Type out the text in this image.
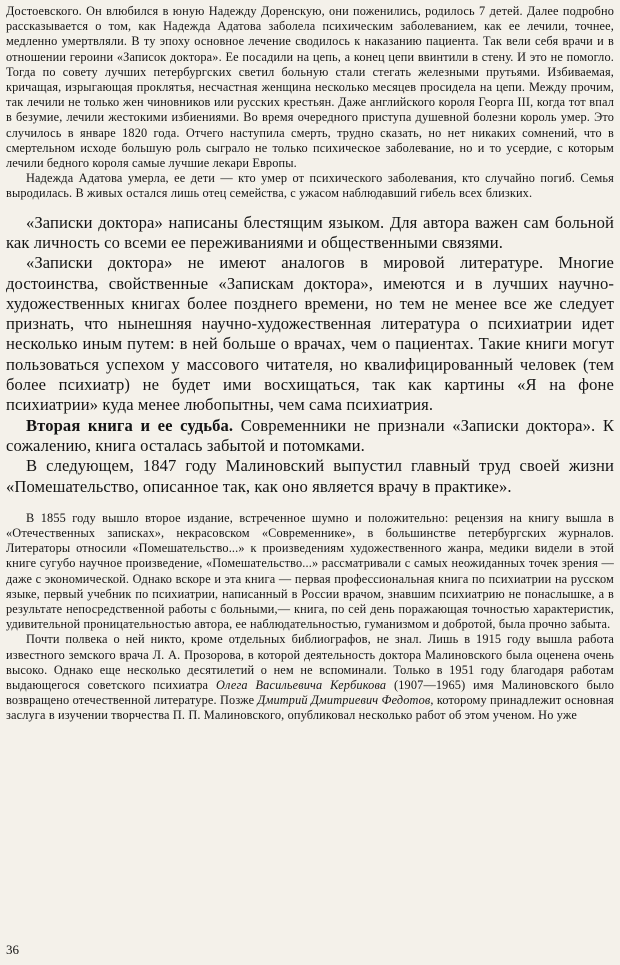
Достоевского. Он влюбился в юную Надежду Доренскую, они поженились, родилось 7 детей. Далее подробно рассказывается о том, как Надежда Адатова заболела психическим заболеванием, как ее лечили, точнее, медленно умертвляли. В ту эпоху основное лечение сводилось к наказанию пациента. Так вели себя врачи и в отношении героини «Записок доктора». Ее посадили на цепь, а конец цепи ввинтили в стену. И это не помогло. Тогда по совету лучших петербургских светил больную стали стегать железными прутьями. Избиваемая, кричащая, изрыгающая проклятья, несчастная женщина несколько месяцев просидела на цепи. Между прочим, так лечили не только жен чиновников или русских крестьян. Даже английского короля Георга III, когда тот впал в безумие, лечили жестокими избиениями. Во время очередного приступа душевной болезни король умер. Это случилось в январе 1820 года. Отчего наступила смерть, трудно сказать, но нет никаких сомнений, что в смертельном исходе большую роль сыграло не только психическое заболевание, но и то усердие, с которым лечили бедного короля самые лучшие лекари Европы.

Надежда Адатова умерла, ее дети — кто умер от психического заболевания, кто случайно погиб. Семья выродилась. В живых остался лишь отец семейства, с ужасом наблюдавший гибель всех близких.

«Записки доктора» написаны блестящим языком. Для автора важен сам больной как личность со всеми ее переживаниями и общественными связями.

«Записки доктора» не имеют аналогов в мировой литературе. Многие достоинства, свойственные «Запискам доктора», имеются и в лучших научно-художественных книгах более позднего времени, но тем не менее все же следует признать, что нынешняя научно-художественная литература о психиатрии идет несколько иным путем: в ней больше о врачах, чем о пациентах. Такие книги могут пользоваться успехом у массового читателя, но квалифицированный человек (тем более психиатр) не будет ими восхищаться, так как картины «Я на фоне психиатрии» куда менее любопытны, чем сама психиатрия.

Вторая книга и ее судьба. Современники не признали «Записки доктора». К сожалению, книга осталась забытой и потомками.

В следующем, 1847 году Малиновский выпустил главный труд своей жизни «Помешательство, описанное так, как оно является врачу в практике».

В 1855 году вышло второе издание, встреченное шумно и положительно: рецензия на книгу вышла в «Отечественных записках», некрасовском «Современнике», в большинстве петербургских журналов. Литераторы относили «Помешательство...» к произведениям художественного жанра, медики видели в этой книге сугубо научное произведение, «Помешательство...» рассматривали с самых неожиданных точек зрения — даже с экономической. Однако вскоре и эта книга — первая профессиональная книга по психиатрии на русском языке, первый учебник по психиатрии, написанный в России врачом, знавшим психиатрию не понаслышке, а в результате непосредственной работы с больными,— книга, по сей день поражающая точностью характеристик, удивительной проницательностью автора, ее наблюдательностью, гуманизмом и добротой, была прочно забыта.

Почти полвека о ней никто, кроме отдельных библиографов, не знал. Лишь в 1915 году вышла работа известного земского врача Л. А. Прозорова, в которой деятельность доктора Малиновского была оценена очень высоко. Однако еще несколько десятилетий о нем не вспоминали. Только в 1951 году благодаря работам выдающегося советского психиатра Олега Васильевича Кербикова (1907—1965) имя Малиновского было возвращено отечественной литературе. Позже Дмитрий Дмитриевич Федотов, которому принадлежит основная заслуга в изучении творчества П. П. Малиновского, опубликовал несколько работ об этом ученом. Но уже

36
